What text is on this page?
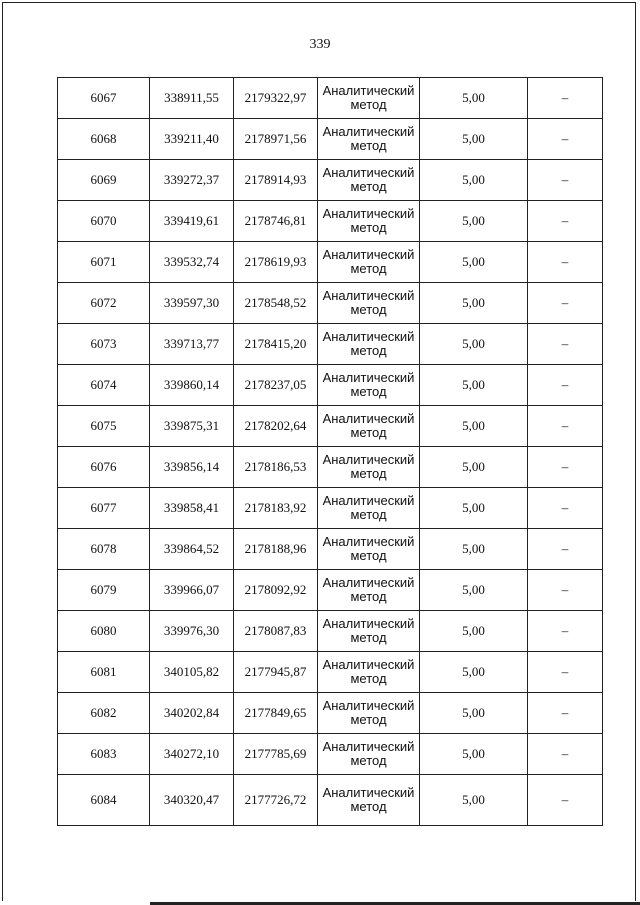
339
6067	338911,55	2179322,97	Аналитический
метод	5,00	–
6068	339211,40	2178971,56	Аналитический
метод	5,00	–
6069	339272,37	2178914,93	Аналитический
метод	5,00	–
6070	339419,61	2178746,81	Аналитический
метод	5,00	–
6071	339532,74	2178619,93	Аналитический
метод	5,00	–
6072	339597,30	2178548,52	Аналитический
метод	5,00	–
6073	339713,77	2178415,20	Аналитический
метод	5,00	–
6074	339860,14	2178237,05	Аналитический
метод	5,00	–
6075	339875,31	2178202,64	Аналитический
метод	5,00	–
6076	339856,14	2178186,53	Аналитический
метод	5,00	–
6077	339858,41	2178183,92	Аналитический
метод	5,00	–
6078	339864,52	2178188,96	Аналитический
метод	5,00	–
6079	339966,07	2178092,92	Аналитический
метод	5,00	–
6080	339976,30	2178087,83	Аналитический
метод	5,00	–
6081	340105,82	2177945,87	Аналитический
метод	5,00	–
6082	340202,84	2177849,65	Аналитический
метод	5,00	–
6083	340272,10	2177785,69	Аналитический
метод	5,00	–
6084	340320,47	2177726,72	Аналитический
метод	5,00	–
